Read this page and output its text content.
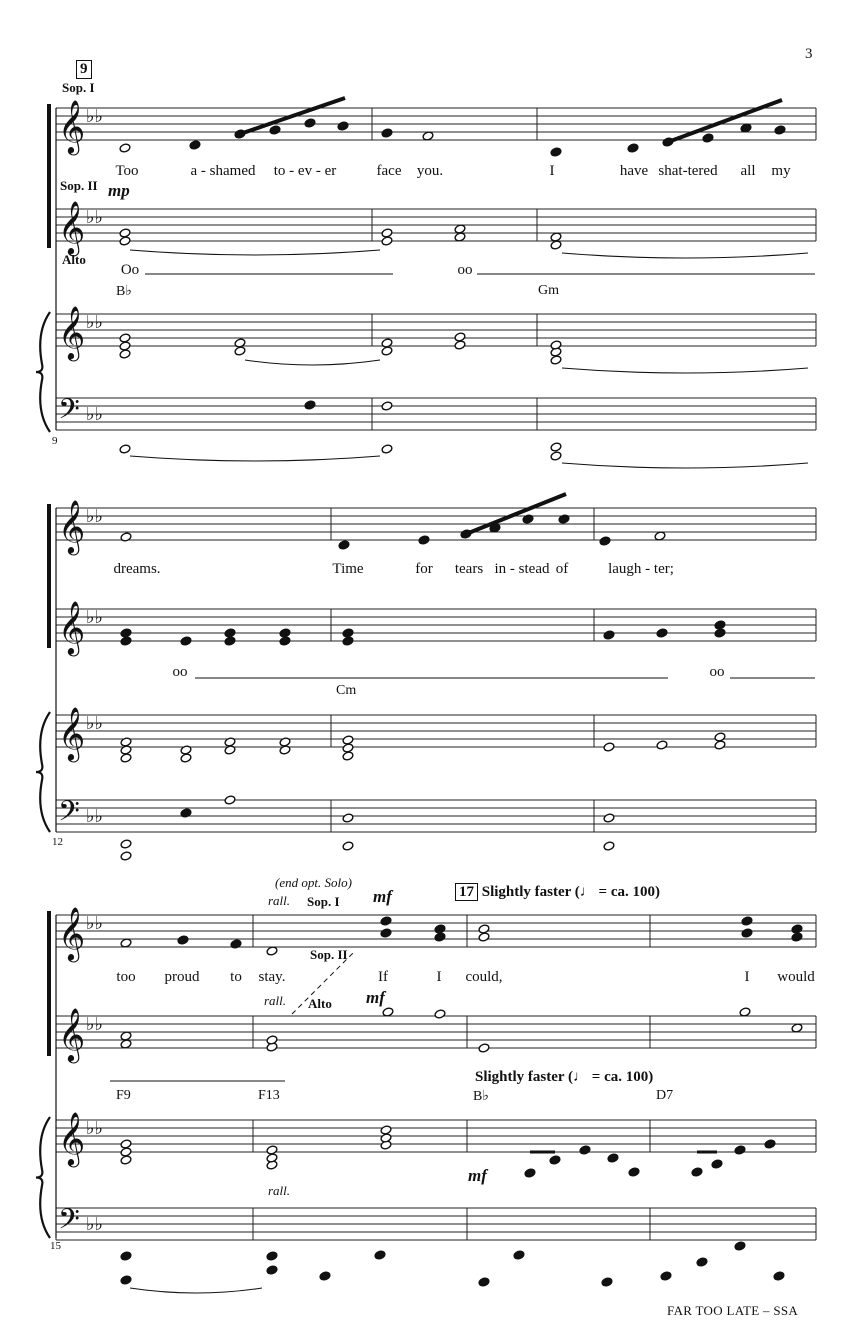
3
9
Sop. I
Sop. II mp
Alto
Too	a - shamed to - ev - er	face you.	I	have shat-tered all my
Oo	oo
B♭	Gm
9
dreams.	Time	for tears in - stead of	laugh - ter;
oo	oo
Cm
12
(end opt. Solo)
rall. Sop. I mf	17 Slightly faster (♩ = ca. 100)
Sop. II
too proud to stay.	If	I could,	I would
rall. Alto mf
Slightly faster (♩ = ca. 100)
F9	F13	B♭	D7
mf
rall.
15
FAR TOO LATE – SSA
𝄞 ♭♭
𝄞 ♭♭
𝄞 ♭♭
𝄢 ♭♭
𝄞 ♭♭
𝄞 ♭♭
𝄞 ♭♭
𝄢 ♭♭
𝄞 ♭♭
𝄞 ♭♭
𝄞 ♭♭
𝄢 ♭♭
